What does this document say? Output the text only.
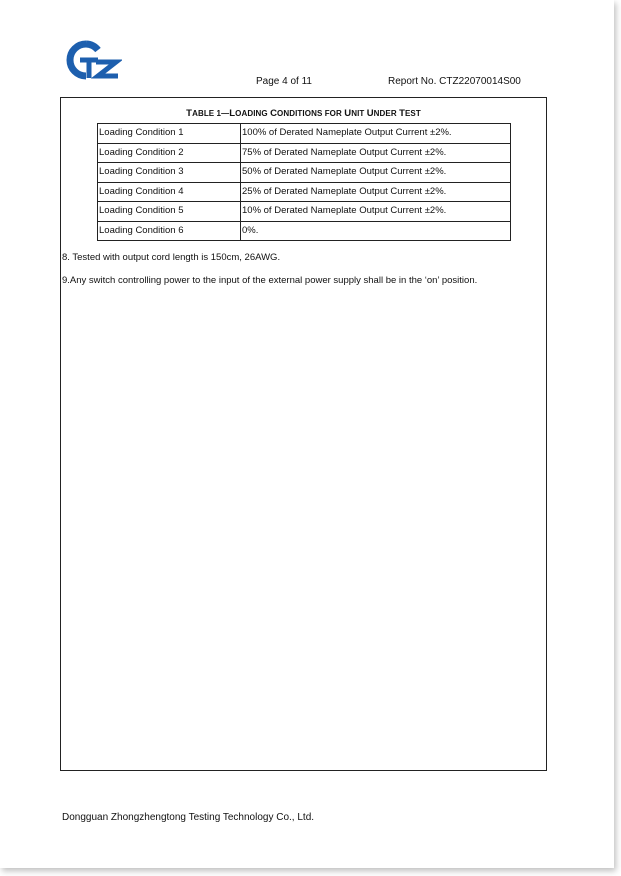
Page 4 of 11	Report No. CTZ22070014S00
TABLE 1—LOADING CONDITIONS FOR UNIT UNDER TEST
Loading Condition 1	100% of Derated Nameplate Output Current ±2%.
Loading Condition 2	75% of Derated Nameplate Output Current ±2%.
Loading Condition 3	50% of Derated Nameplate Output Current ±2%.
Loading Condition 4	25% of Derated Nameplate Output Current ±2%.
Loading Condition 5	10% of Derated Nameplate Output Current ±2%.
Loading Condition 6	0%.
8. Tested with output cord length is 150cm, 26AWG.
9.Any switch controlling power to the input of the external power supply shall be in the ‘on’ position.
Dongguan Zhongzhengtong Testing Technology Co., Ltd.
